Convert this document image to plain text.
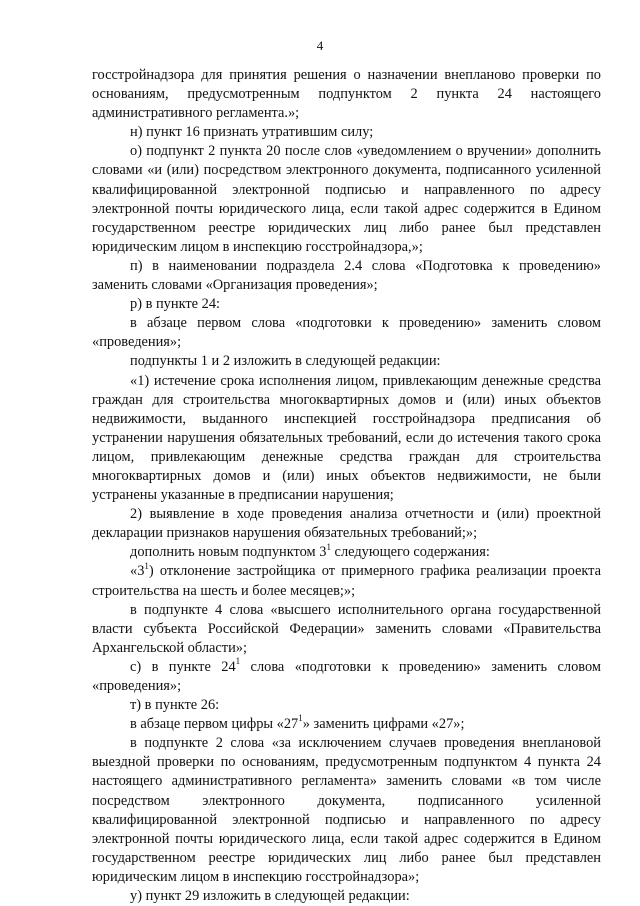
4

госстройнадзора для принятия решения о назначении внепланово проверки по основаниям, предусмотренным подпунктом 2 пункта 24 настоящего административного регламента.»;

н) пункт 16 признать утратившим силу;

о) подпункт 2 пункта 20 после слов «уведомлением о вручении» дополнить словами «и (или) посредством электронного документа, подписанного усиленной квалифицированной электронной подписью и направленного по адресу электронной почты юридического лица, если такой адрес содержится в Едином государственном реестре юридических лиц либо ранее был представлен юридическим лицом в инспекцию госстройнадзора,»;

п) в наименовании подраздела 2.4 слова «Подготовка к проведению» заменить словами «Организация проведения»;

р) в пункте 24:

в абзаце первом слова «подготовки к проведению» заменить словом «проведения»;

подпункты 1 и 2 изложить в следующей редакции:

«1) истечение срока исполнения лицом, привлекающим денежные средства граждан для строительства многоквартирных домов и (или) иных объектов недвижимости, выданного инспекцией госстройнадзора предписания об устранении нарушения обязательных требований, если до истечения такого срока лицом, привлекающим денежные средства граждан для строительства многоквартирных домов и (или) иных объектов недвижимости, не были устранены указанные в предписании нарушения;

2) выявление в ходе проведения анализа отчетности и (или) проектной декларации признаков нарушения обязательных требований;»;

дополнить новым подпунктом $3^1$ следующего содержания:

«$3^1$) отклонение застройщика от примерного графика реализации проекта строительства на шесть и более месяцев;»;

в подпункте 4 слова «высшего исполнительного органа государственной власти субъекта Российской Федерации» заменить словами «Правительства Архангельской области»;

с) в пункте $24^1$ слова «подготовки к проведению» заменить словом «проведения»;

т) в пункте 26:

в абзаце первом цифры «$27^1$» заменить цифрами «27»;

в подпункте 2 слова «за исключением случаев проведения внеплановой выездной проверки по основаниям, предусмотренным подпунктом 4 пункта 24 настоящего административного регламента» заменить словами «в том числе посредством электронного документа, подписанного усиленной квалифицированной электронной подписью и направленного по адресу электронной почты юридического лица, если такой адрес содержится в Едином государственном реестре юридических лиц либо ранее был представлен юридическим лицом в инспекцию госстройнадзора»;

у) пункт 29 изложить в следующей редакции:
